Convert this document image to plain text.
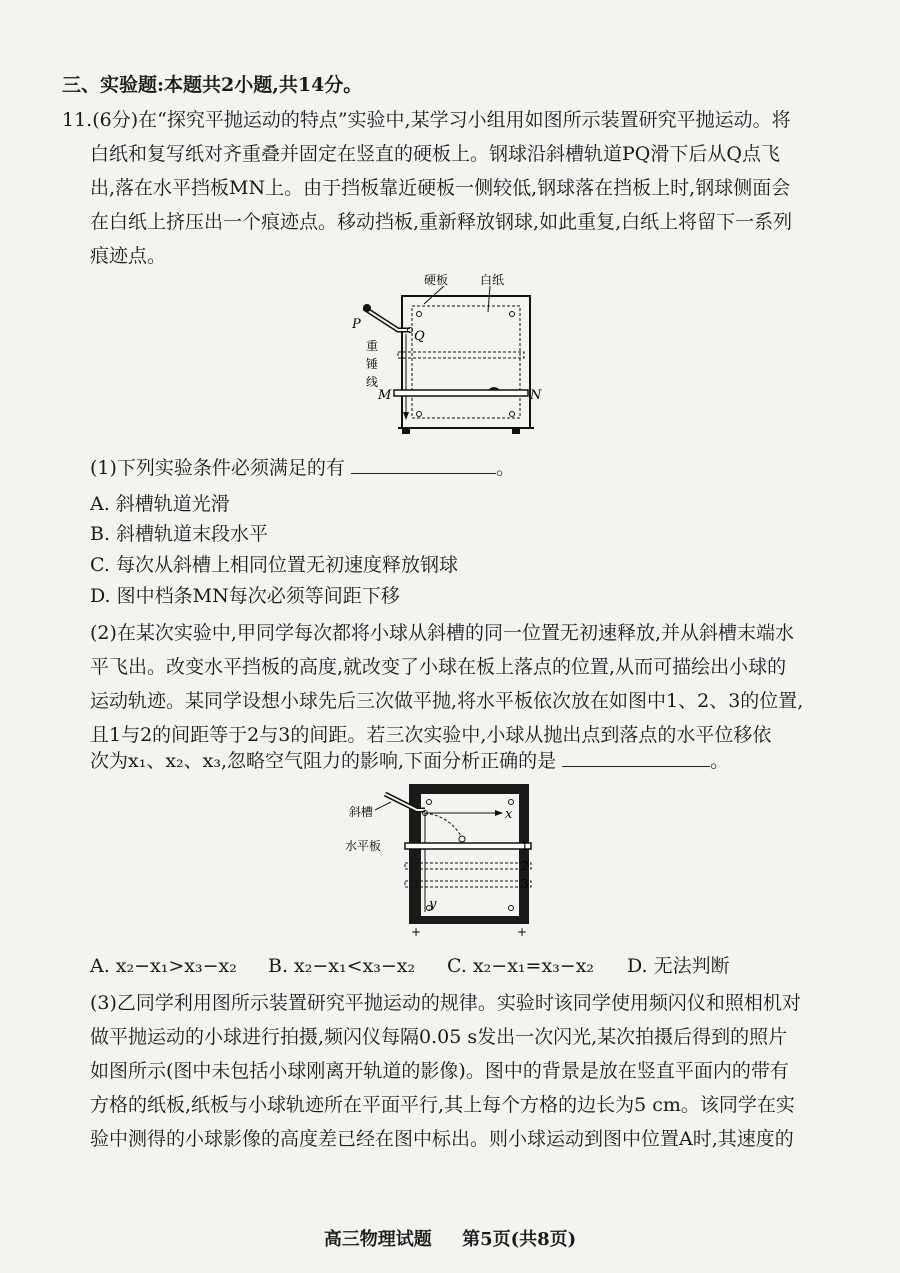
三、实验题:本题共2小题,共14分。
11.(6分)在“探究平抛运动的特点”实验中,某学习小组用如图所示装置研究平抛运动。将
白纸和复写纸对齐重叠并固定在竖直的硬板上。钢球沿斜槽轨道PQ滑下后从Q点飞
出,落在水平挡板MN上。由于挡板靠近硬板一侧较低,钢球落在挡板上时,钢球侧面会
在白纸上挤压出一个痕迹点。移动挡板,重新释放钢球,如此重复,白纸上将留下一系列
痕迹点。
硬板	白纸
P
Q
重
锤
线
M	N
(1)下列实验条件必须满足的有	。
A. 斜槽轨道光滑
B. 斜槽轨道末段水平
C. 每次从斜槽上相同位置无初速度释放钢球
D. 图中档条MN每次必须等间距下移
(2)在某次实验中,甲同学每次都将小球从斜槽的同一位置无初速释放,并从斜槽末端水
平飞出。改变水平挡板的高度,就改变了小球在板上落点的位置,从而可描绘出小球的
运动轨迹。某同学设想小球先后三次做平抛,将水平板依次放在如图中1、2、3的位置,
且1与2的间距等于2与3的间距。若三次实验中,小球从抛出点到落点的水平位移依
次为x₁、x₂、x₃,忽略空气阻力的影响,下面分析正确的是	。
+	+
斜槽
水平板
x
y
1
2
3
A. x₂−x₁>x₃−x₂ B. x₂−x₁<x₃−x₂ C. x₂−x₁=x₃−x₂ D. 无法判断
(3)乙同学利用图所示装置研究平抛运动的规律。实验时该同学使用频闪仪和照相机对
做平抛运动的小球进行拍摄,频闪仪每隔0.05 s发出一次闪光,某次拍摄后得到的照片
如图所示(图中未包括小球刚离开轨道的影像)。图中的背景是放在竖直平面内的带有
方格的纸板,纸板与小球轨迹所在平面平行,其上每个方格的边长为5 cm。该同学在实
验中测得的小球影像的高度差已经在图中标出。则小球运动到图中位置A时,其速度的
高三物理试题 第5页(共8页)
